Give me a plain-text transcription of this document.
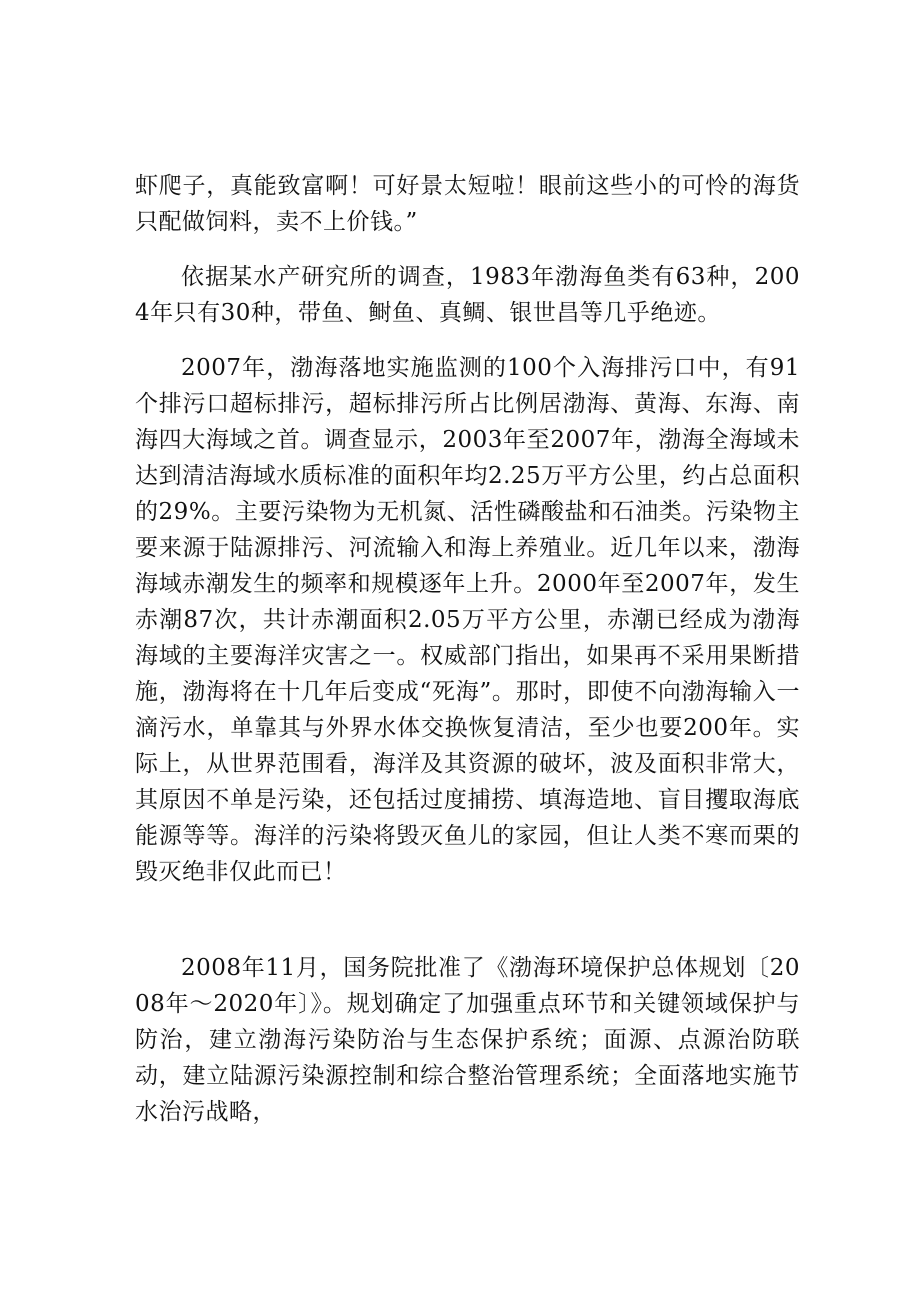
虾爬子，真能致富啊！可好景太短啦！眼前这些小的可怜的海货只配做饲料，卖不上价钱。”

依据某水产研究所的调查，1983年渤海鱼类有63种，2004年只有30种，带鱼、鲥鱼、真鲷、银世昌等几乎绝迹。

2007年，渤海落地实施监测的100个入海排污口中，有91个排污口超标排污，超标排污所占比例居渤海、黄海、东海、南海四大海域之首。调查显示，2003年至2007年，渤海全海域未达到清洁海域水质标准的面积年均2.25万平方公里，约占总面积的29%。主要污染物为无机氮、活性磷酸盐和石油类。污染物主要来源于陆源排污、河流输入和海上养殖业。近几年以来，渤海海域赤潮发生的频率和规模逐年上升。2000年至2007年，发生赤潮87次，共计赤潮面积2.05万平方公里，赤潮已经成为渤海海域的主要海洋灾害之一。权威部门指出，如果再不采用果断措施，渤海将在十几年后变成“死海”。那时，即使不向渤海输入一滴污水，单靠其与外界水体交换恢复清洁，至少也要200年。实际上，从世界范围看，海洋及其资源的破坏，波及面积非常大，其原因不单是污染，还包括过度捕捞、填海造地、盲目攫取海底能源等等。海洋的污染将毁灭鱼儿的家园，但让人类不寒而栗的毁灭绝非仅此而已！

2008年11月，国务院批准了《渤海环境保护总体规划〔2008年～2020年〕》。规划确定了加强重点环节和关键领域保护与防治，建立渤海污染防治与生态保护系统；面源、点源治防联动，建立陆源污染源控制和综合整治管理系统；全面落地实施节水治污战略，
